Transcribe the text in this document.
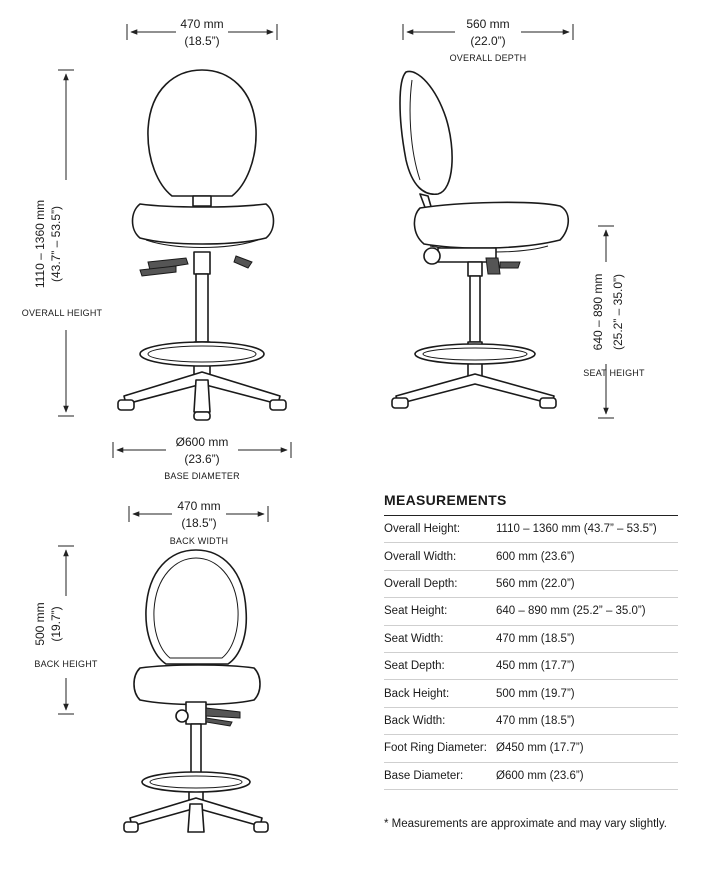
470 mm
(18.5”)
1110 – 1360 mm (43.7” – 53.5”)
OVERALL HEIGHT
Ø600 mm
(23.6”)
BASE DIAMETER
560 mm
(22.0”)
OVERALL DEPTH
640 – 890 mm (25.2” – 35.0”)
SEAT HEIGHT
470 mm
(18.5”)
BACK WIDTH
500 mm (19.7”)
BACK HEIGHT
MEASUREMENTS
Overall Height:	1110 – 1360 mm (43.7” – 53.5”)
Overall Width:	600 mm (23.6”)
Overall Depth:	560 mm (22.0”)
Seat Height:	640 – 890 mm (25.2” – 35.0”)
Seat Width:	470 mm (18.5”)
Seat Depth:	450 mm (17.7”)
Back Height:	500 mm (19.7”)
Back Width:	470 mm (18.5”)
Foot Ring Diameter: Ø450 mm (17.7”)
Base Diameter:	Ø600 mm (23.6”)
* Measurements are approximate and may vary slightly.
